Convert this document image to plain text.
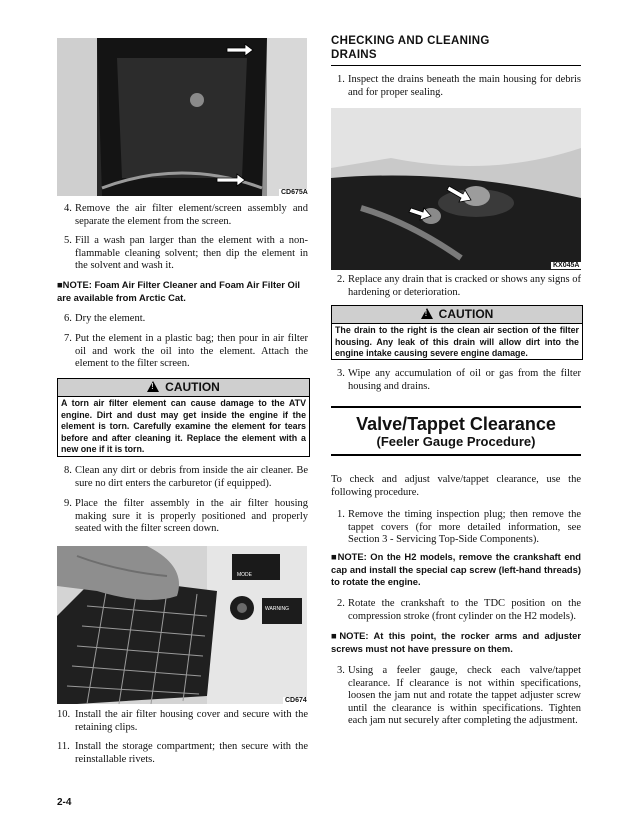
CD675A
4. Remove the air filter element/screen assembly and separate the element from the screen.
5. Fill a wash pan larger than the element with a non-flammable cleaning solvent; then dip the element in the solvent and wash it.
■NOTE: Foam Air Filter Cleaner and Foam Air Filter Oil are available from Arctic Cat.
6. Dry the element.
7. Put the element in a plastic bag; then pour in air filter oil and work the oil into the element. Attach the element to the filter screen.
!CAUTION
A torn air filter element can cause damage to the ATV engine. Dirt and dust may get inside the engine if the element is torn. Carefully examine the element for tears before and after cleaning it. Replace the element with a new one if it is torn.
8. Clean any dirt or debris from inside the air cleaner. Be sure no dirt enters the carburetor (if equipped).
9. Place the filter assembly in the air filter housing making sure it is properly positioned and properly seated with the filter screen down.
MODE
WARNING
CD674
10. Install the air filter housing cover and secure with the retaining clips.
11. Install the storage compartment; then secure with the reinstallable rivets.
2-4
CHECKING AND CLEANING
DRAINS
1. Inspect the drains beneath the main housing for debris and for proper sealing.
KX045A
2. Replace any drain that is cracked or shows any signs of hardening or deterioration.
!CAUTION
The drain to the right is the clean air section of the filter housing. Any leak of this drain will allow dirt into the engine intake causing severe engine damage.
3. Wipe any accumulation of oil or gas from the filter housing and drains.
Valve/Tappet Clearance
(Feeler Gauge Procedure)
To check and adjust valve/tappet clearance, use the following procedure.
1. Remove the timing inspection plug; then remove the tappet covers (for more detailed information, see Section 3 - Servicing Top-Side Components).
■NOTE: On the H2 models, remove the crankshaft end cap and install the special cap screw (left-hand threads) to rotate the engine.
2. Rotate the crankshaft to the TDC position on the compression stroke (front cylinder on the H2 models).
■NOTE: At this point, the rocker arms and adjuster screws must not have pressure on them.
3. Using a feeler gauge, check each valve/tappet clearance. If clearance is not within specifications, loosen the jam nut and rotate the tappet adjuster screw until the clearance is within specifications. Tighten each jam nut securely after completing the adjustment.
